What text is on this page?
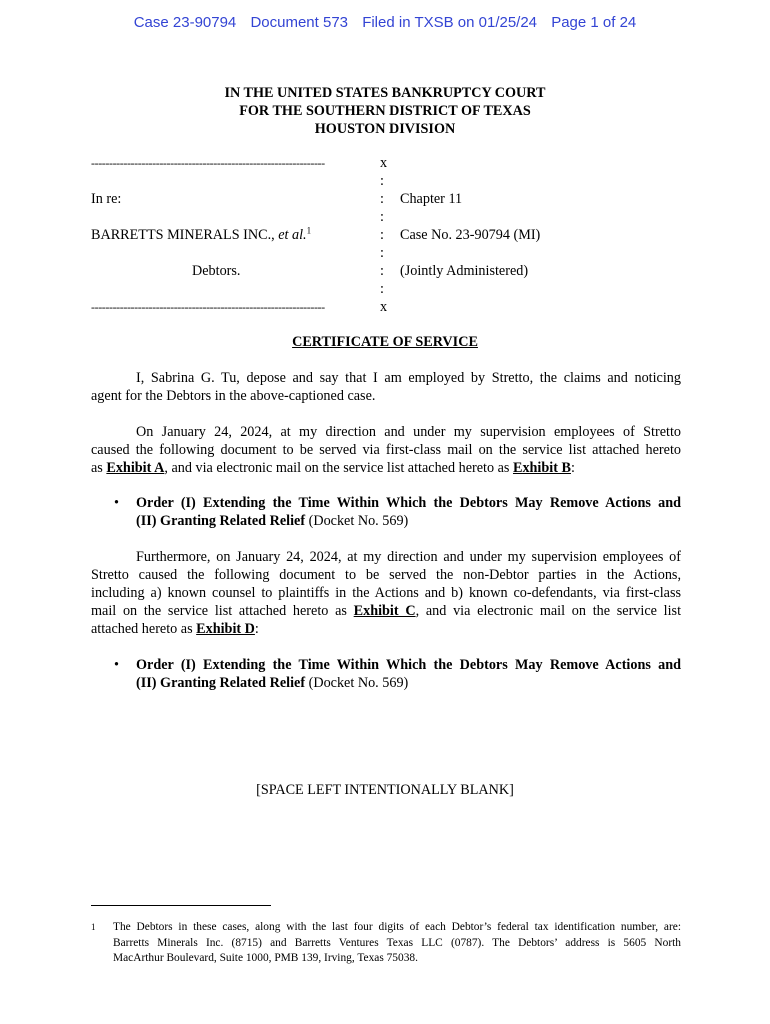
Case 23-90794 Document 573 Filed in TXSB on 01/25/24 Page 1 of 24
IN THE UNITED STATES BANKRUPTCY COURT
FOR THE SOUTHERN DISTRICT OF TEXAS
HOUSTON DIVISION
-----------------------------------------------------------------	x
:
In re:	: Chapter 11
:
BARRETTS MINERALS INC., et al.$^1$	: Case No. 23-90794 (MI)
:
Debtors.	: (Jointly Administered)
:
-----------------------------------------------------------------	x
CERTIFICATE OF SERVICE
I, Sabrina G. Tu, depose and say that I am employed by Stretto, the claims and noticing
agent for the Debtors in the above-captioned case.
On January 24, 2024, at my direction and under my supervision employees of Stretto
caused the following document to be served via first-class mail on the service list attached hereto
as Exhibit A, and via electronic mail on the service list attached hereto as Exhibit B:
• Order (I) Extending the Time Within Which the Debtors May Remove Actions and
(II) Granting Related Relief (Docket No. 569)
Furthermore, on January 24, 2024, at my direction and under my supervision employees of
Stretto caused the following document to be served the non-Debtor parties in the Actions,
including a) known counsel to plaintiffs in the Actions and b) known co-defendants, via first-class
mail on the service list attached hereto as Exhibit C, and via electronic mail on the service list
attached hereto as Exhibit D:
• Order (I) Extending the Time Within Which the Debtors May Remove Actions and
(II) Granting Related Relief (Docket No. 569)
[SPACE LEFT INTENTIONALLY BLANK]
1 The Debtors in these cases, along with the last four digits of each Debtor’s federal tax identification number, are:
Barretts Minerals Inc. (8715) and Barretts Ventures Texas LLC (0787). The Debtors’ address is 5605 North
MacArthur Boulevard, Suite 1000, PMB 139, Irving, Texas 75038.
